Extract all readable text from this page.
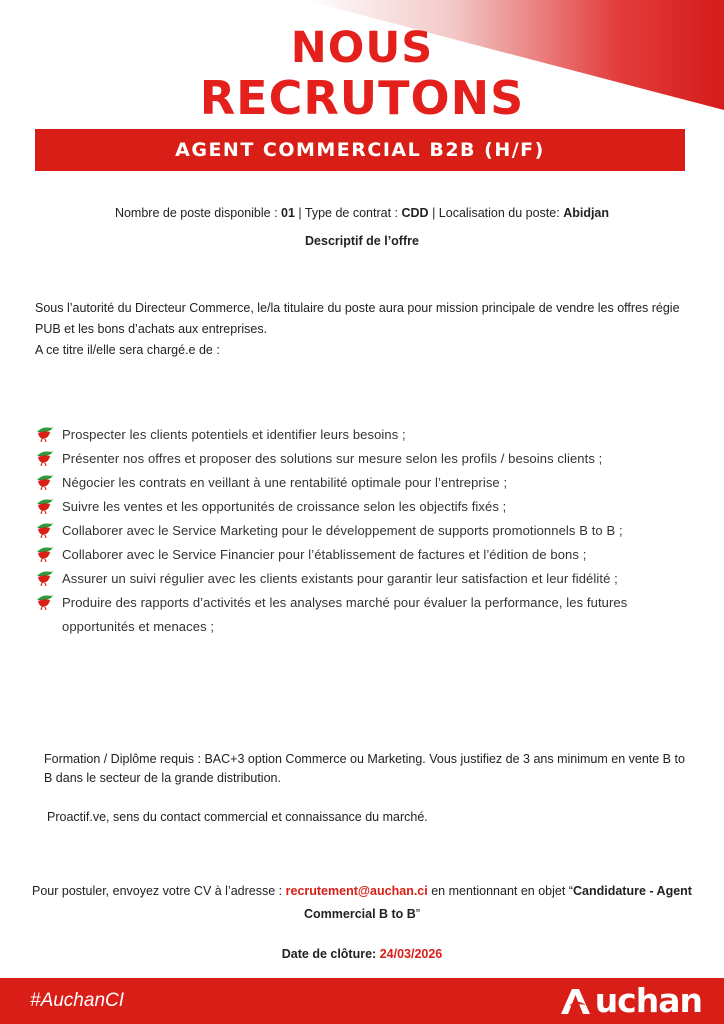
NOUS
RECRUTONS
AGENT COMMERCIAL B2B (H/F)
Nombre de poste disponible : 01 | Type de contrat : CDD | Localisation du poste: Abidjan
Descriptif de l’offre

Sous l’autorité du Directeur Commerce, le/la titulaire du poste aura pour mission principale de vendre les offres régie PUB et les bons d’achats aux entreprises.

A ce titre il/elle sera chargé.e de :

Prospecter les clients potentiels et identifier leurs besoins ;
Présenter nos offres et proposer des solutions sur mesure selon les profils / besoins clients ;
Négocier les contrats en veillant à une rentabilité optimale pour l’entreprise ;
Suivre les ventes et les opportunités de croissance selon les objectifs fixés ;
Collaborer avec le Service Marketing pour le développement de supports promotionnels B to B ;
Collaborer avec le Service Financier pour l’établissement de factures et l’édition de bons ;
Assurer un suivi régulier avec les clients existants pour garantir leur satisfaction et leur fidélité ;
Produire des rapports d’activités et les analyses marché pour évaluer la performance, les futures opportunités et menaces ;
Formation / Diplôme requis : BAC+3 option Commerce ou Marketing. Vous justifiez de 3 ans minimum en vente B to B dans le secteur de la grande distribution.
Proactif.ve, sens du contact commercial et connaissance du marché.
Pour postuler, envoyez votre CV à l’adresse : recrutement@auchan.ci en mentionnant en objet “Candidature - Agent Commercial B to B”
Date de clôture: 24/03/2026
#AuchanCI	uchan
